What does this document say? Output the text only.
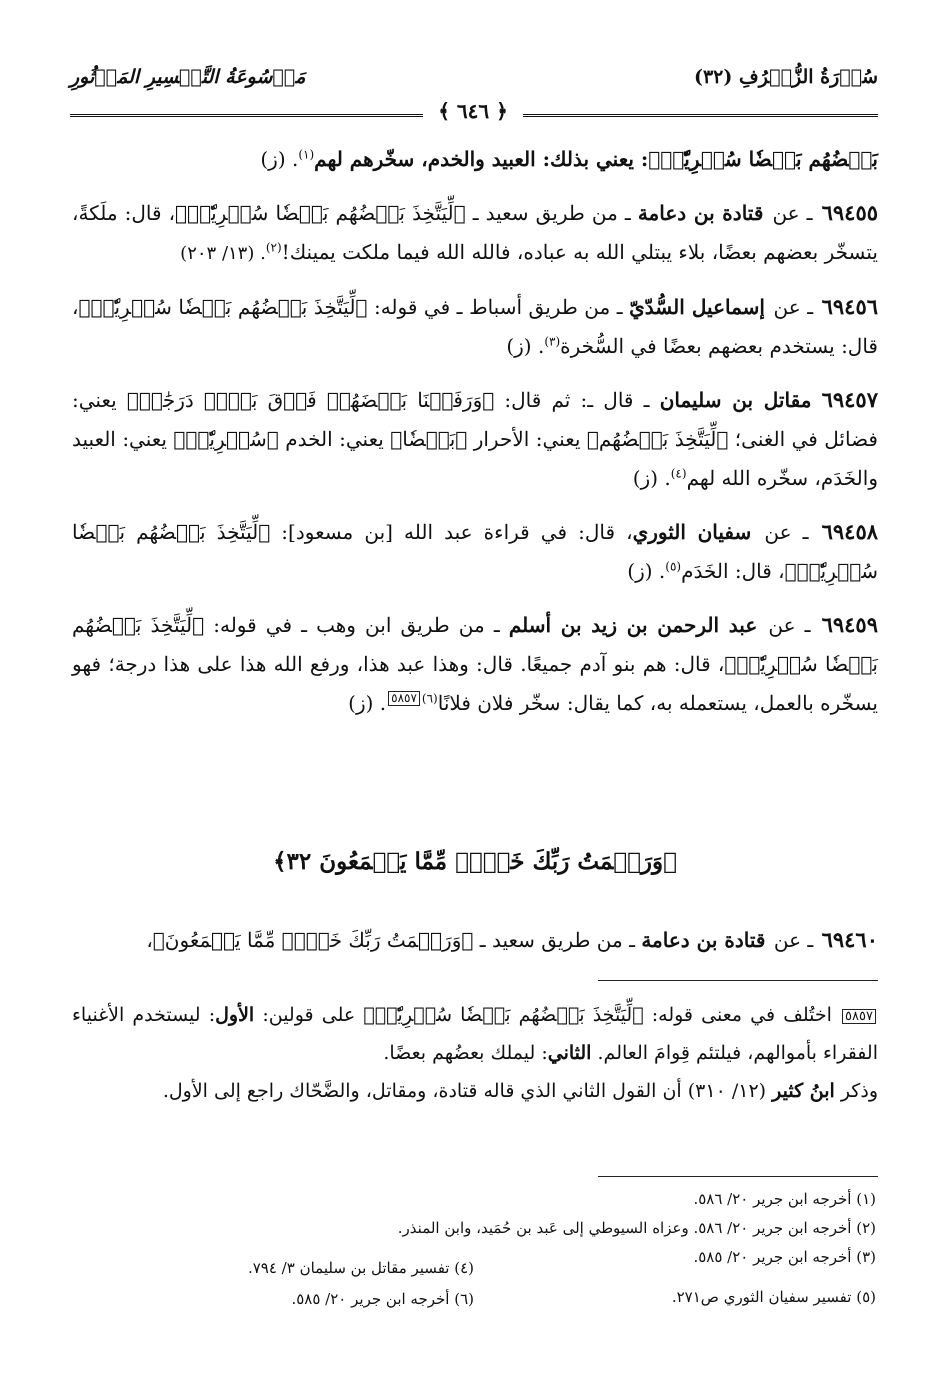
سُوۡرَةُ الزُّخۡرُفِ (٣٢)
مَوۡسُوعَةُ التَّفۡسِيرِ المَأۡثُورِ
﴾ ٦٤٦ ﴿

بَعۡضُهُم بَعۡضٗا سُخۡرِيّٗاۗ﴾: يعني بذلك: العبيد والخدم، سخّرهم لهم$^{(١)}$. (ز)

٦٩٤٥٥ ـ عن قتادة بن دعامة ـ من طريق سعيد ـ ﴿لِّيَتَّخِذَ بَعۡضُهُم بَعۡضٗا سُخۡرِيّٗاۗ﴾، قال: ملَكةً، يتسخّر بعضهم بعضًا، بلاء يبتلي الله به عباده، فالله الله فيما ملكت يمينك!$^{(٢)}$. (١٣/ ٢٠٣)

٦٩٤٥٦ ـ عن إسماعيل السُّدّيّ ـ من طريق أسباط ـ في قوله: ﴿لِّيَتَّخِذَ بَعۡضُهُم بَعۡضٗا سُخۡرِيّٗاۗ﴾، قال: يستخدم بعضهم بعضًا في السُّخرة$^{(٣)}$. (ز)

٦٩٤٥٧ مقاتل بن سليمان ـ قال ـ: ثم قال: ﴿وَرَفَعۡنَا بَعۡضَهُمۡ فَوۡقَ بَعۡضٖ دَرَجَٰتٖ﴾ يعني: فضائل في الغنى؛ ﴿لِّيَتَّخِذَ بَعۡضُهُم﴾ يعني: الأحرار ﴿بَعۡضٗا﴾ يعني: الخدم ﴿سُخۡرِيّٗاۗ﴾ يعني: العبيد والخَدَم، سخّره الله لهم$^{(٤)}$. (ز)

٦٩٤٥٨ ـ عن سفيان الثوري، قال: في قراءة عبد الله [بن مسعود]: ﴿لِّيَتَّخِذَ بَعۡضُهُم بَعۡضٗا سُخۡرِيّٗاۗ﴾، قال: الخَدَم$^{(٥)}$. (ز)

٦٩٤٥٩ ـ عن عبد الرحمن بن زيد بن أسلم ـ من طريق ابن وهب ـ في قوله: ﴿لِّيَتَّخِذَ بَعۡضُهُم بَعۡضٗا سُخۡرِيّٗاۗ﴾، قال: هم بنو آدم جميعًا. قال: وهذا عبد هذا، ورفع الله هذا على هذا درجة؛ فهو يسخّره بالعمل، يستعمله به، كما يقال: سخّر فلان فلانًا$^{(٦)}$٥٨٥٧. (ز)

﴿وَرَحۡمَتُ رَبِّكَ خَيۡرٞ مِّمَّا يَجۡمَعُونَ ٣٢﴾

٦٩٤٦٠ ـ عن قتادة بن دعامة ـ من طريق سعيد ـ ﴿وَرَحۡمَتُ رَبِّكَ خَيۡرٞ مِّمَّا يَجۡمَعُونَ﴾،

٥٨٥٧ اختُلف في معنى قوله: ﴿لِّيَتَّخِذَ بَعۡضُهُم بَعۡضٗا سُخۡرِيّٗاۗ﴾ على قولين: الأول: ليستخدم الأغنياء الفقراء بأموالهم، فيلتئم قِوامَ العالم. الثاني: ليملك بعضُهم بعضًا.
وذكر ابنُ كثير (١٢/ ٣١٠) أن القول الثاني الذي قاله قتادة، ومقاتل، والضَّحّاك راجع إلى الأول.
(١) أخرجه ابن جرير ٢٠/ ٥٨٦.
(٢) أخرجه ابن جرير ٢٠/ ٥٨٦. وعزاه السيوطي إلى عَبد بن حُمَيد، وابن المنذر.
(٣) أخرجه ابن جرير ٢٠/ ٥٨٥.
(٤) تفسير مقاتل بن سليمان ٣/ ٧٩٤.
(٥) تفسير سفيان الثوري ص٢٧١.
(٦) أخرجه ابن جرير ٢٠/ ٥٨٥.
